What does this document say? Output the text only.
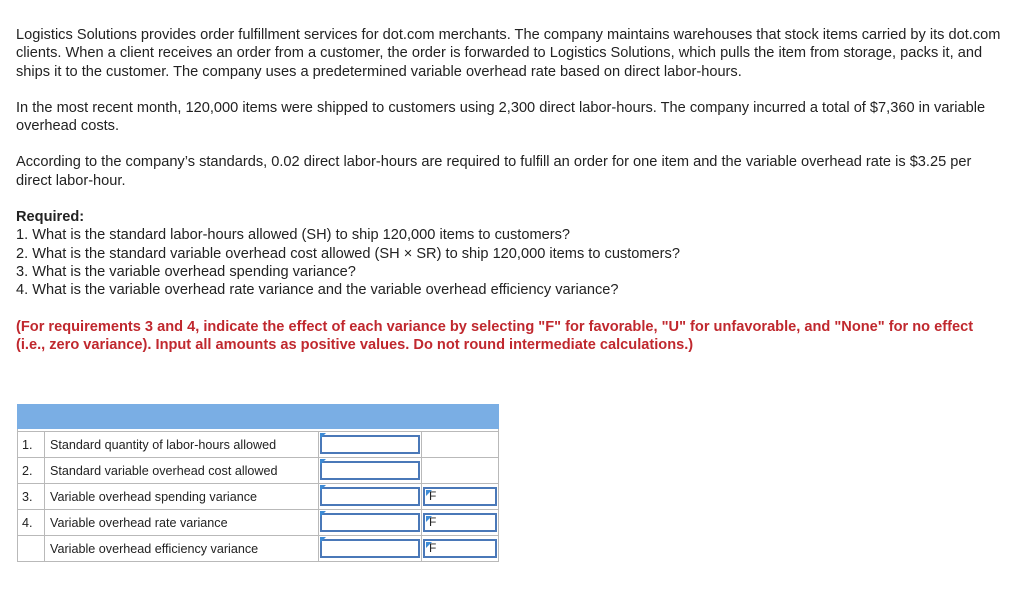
Logistics Solutions provides order fulfillment services for dot.com merchants. The company maintains warehouses that stock items carried by its dot.com clients. When a client receives an order from a customer, the order is forwarded to Logistics Solutions, which pulls the item from storage, packs it, and ships it to the customer. The company uses a predetermined variable overhead rate based on direct labor-hours.

In the most recent month, 120,000 items were shipped to customers using 2,300 direct labor-hours. The company incurred a total of $7,360 in variable overhead costs.

According to the company’s standards, 0.02 direct labor-hours are required to fulfill an order for one item and the variable overhead rate is $3.25 per direct labor-hour.

Required:

1. What is the standard labor-hours allowed (SH) to ship 120,000 items to customers?
2. What is the standard variable overhead cost allowed (SH × SR) to ship 120,000 items to customers?
3. What is the variable overhead spending variance?
4. What is the variable overhead rate variance and the variable overhead efficiency variance?

(For requirements 3 and 4, indicate the effect of each variance by selecting "F" for favorable, "U" for unfavorable, and "None" for no effect (i.e., zero variance). Input all amounts as positive values. Do not round intermediate calculations.)

1.	Standard quantity of labor-hours allowed	

2.	Standard variable overhead cost allowed	

3.	Variable overhead spending variance		F

4.	Variable overhead rate variance		F

	Variable overhead efficiency variance		F
